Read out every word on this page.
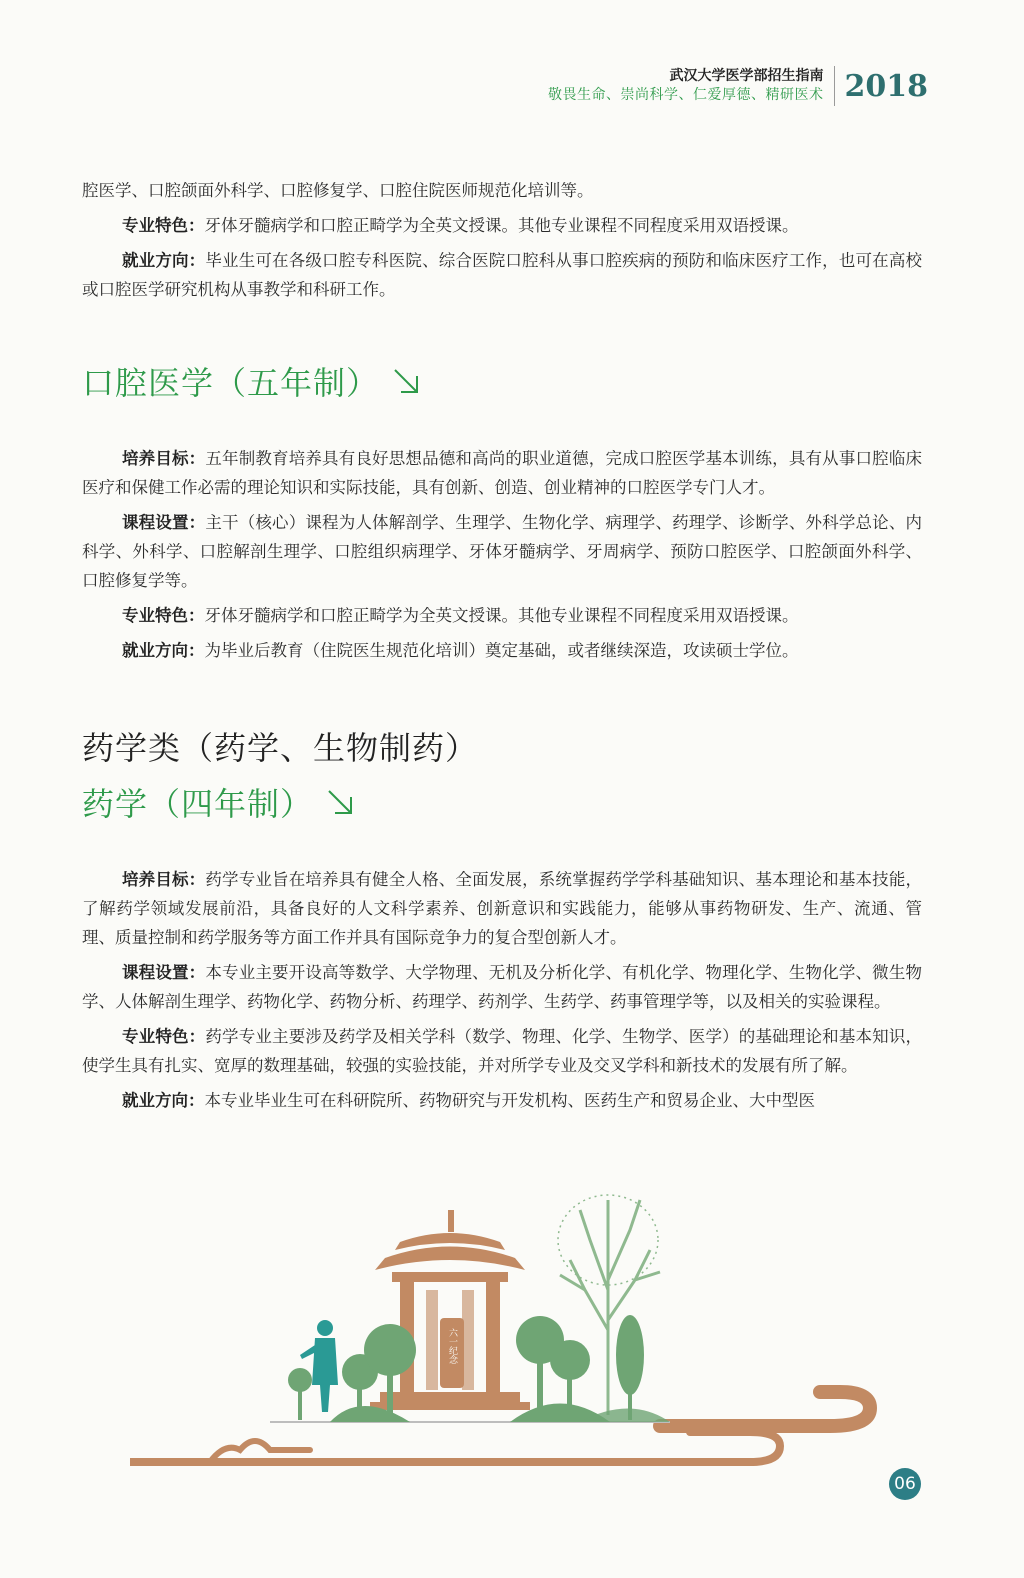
武汉大学医学部招生指南
敬畏生命、崇尚科学、仁爱厚德、精研医术 2018

腔医学、口腔颌面外科学、口腔修复学、口腔住院医师规范化培训等。

专业特色：牙体牙髓病学和口腔正畸学为全英文授课。其他专业课程不同程度采用双语授课。

就业方向：毕业生可在各级口腔专科医院、综合医院口腔科从事口腔疾病的预防和临床医疗工作，也可在高校或口腔医学研究机构从事教学和科研工作。

口腔医学（五年制）

培养目标：五年制教育培养具有良好思想品德和高尚的职业道德，完成口腔医学基本训练，具有从事口腔临床医疗和保健工作必需的理论知识和实际技能，具有创新、创造、创业精神的口腔医学专门人才。

课程设置：主干（核心）课程为人体解剖学、生理学、生物化学、病理学、药理学、诊断学、外科学总论、内科学、外科学、口腔解剖生理学、口腔组织病理学、牙体牙髓病学、牙周病学、预防口腔医学、口腔颌面外科学、口腔修复学等。

专业特色：牙体牙髓病学和口腔正畸学为全英文授课。其他专业课程不同程度采用双语授课。

就业方向：为毕业后教育（住院医生规范化培训）奠定基础，或者继续深造，攻读硕士学位。

药学类（药学、生物制药）
药学（四年制）

培养目标：药学专业旨在培养具有健全人格、全面发展，系统掌握药学学科基础知识、基本理论和基本技能，了解药学领域发展前沿，具备良好的人文科学素养、创新意识和实践能力，能够从事药物研发、生产、流通、管理、质量控制和药学服务等方面工作并具有国际竞争力的复合型创新人才。

课程设置：本专业主要开设高等数学、大学物理、无机及分析化学、有机化学、物理化学、生物化学、微生物学、人体解剖生理学、药物化学、药物分析、药理学、药剂学、生药学、药事管理学等，以及相关的实验课程。

专业特色：药学专业主要涉及药学及相关学科（数学、物理、化学、生物学、医学）的基础理论和基本知识，使学生具有扎实、宽厚的数理基础，较强的实验技能，并对所学专业及交叉学科和新技术的发展有所了解。

就业方向：本专业毕业生可在科研院所、药物研究与开发机构、医药生产和贸易企业、大中型医

六一纪念
06
